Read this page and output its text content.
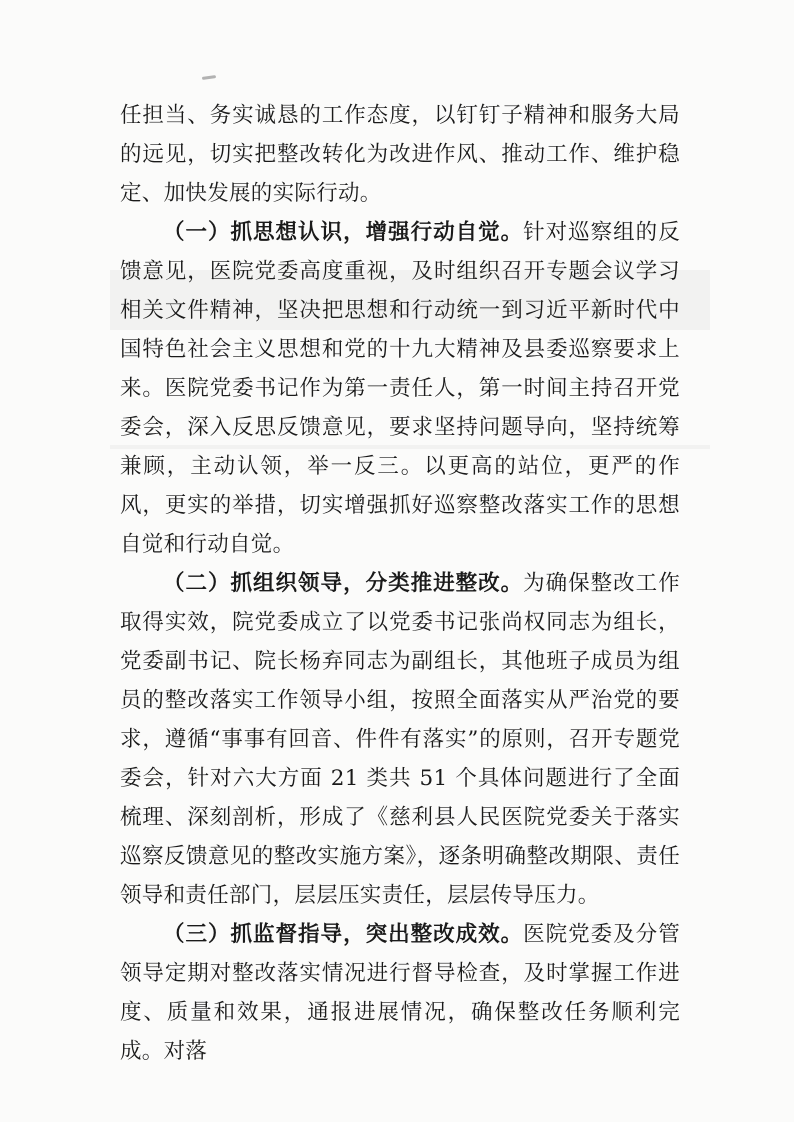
任担当、务实诚恳的工作态度，以钉钉子精神和服务大局的远见，切实把整改转化为改进作风、推动工作、维护稳定、加快发展的实际行动。

（一）抓思想认识，增强行动自觉。针对巡察组的反馈意见，医院党委高度重视，及时组织召开专题会议学习相关文件精神，坚决把思想和行动统一到习近平新时代中国特色社会主义思想和党的十九大精神及县委巡察要求上来。医院党委书记作为第一责任人，第一时间主持召开党委会，深入反思反馈意见，要求坚持问题导向，坚持统筹兼顾，主动认领，举一反三。以更高的站位，更严的作风，更实的举措，切实增强抓好巡察整改落实工作的思想自觉和行动自觉。

（二）抓组织领导，分类推进整改。为确保整改工作取得实效，院党委成立了以党委书记张尚权同志为组长，党委副书记、院长杨弃同志为副组长，其他班子成员为组员的整改落实工作领导小组，按照全面落实从严治党的要求，遵循“事事有回音、件件有落实”的原则，召开专题党委会，针对六大方面 21 类共 51 个具体问题进行了全面梳理、深刻剖析，形成了《慈利县人民医院党委关于落实巡察反馈意见的整改实施方案》，逐条明确整改期限、责任领导和责任部门，层层压实责任，层层传导压力。

（三）抓监督指导，突出整改成效。医院党委及分管领导定期对整改落实情况进行督导检查，及时掌握工作进度、质量和效果，通报进展情况，确保整改任务顺利完成。对落
